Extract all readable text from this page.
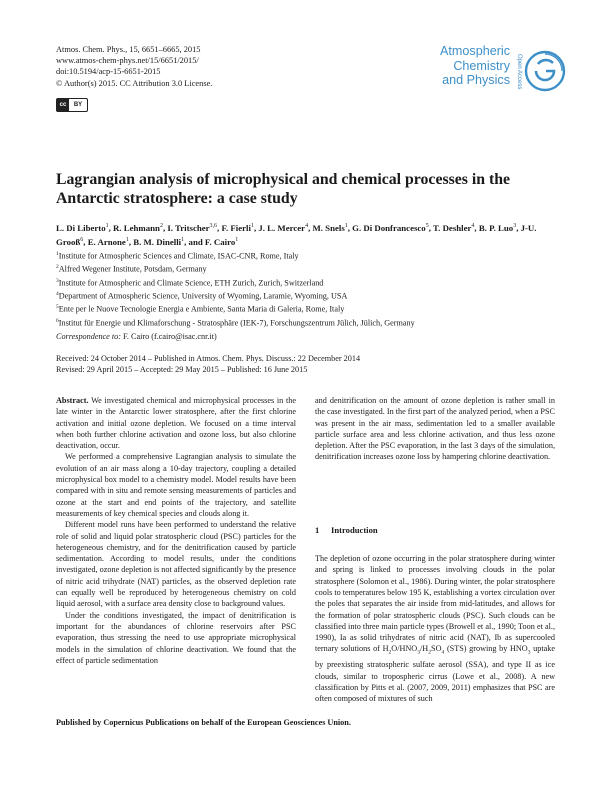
Atmos. Chem. Phys., 15, 6651–6665, 2015
www.atmos-chem-phys.net/15/6651/2015/
doi:10.5194/acp-15-6651-2015
© Author(s) 2015. CC Attribution 3.0 License.
cc	BY
Atmospheric
Chemistry
and Physics	Open Access
Lagrangian analysis of microphysical and chemical processes in the Antarctic stratosphere: a case study
L. Di Liberto$^1$, R. Lehmann$^2$, I. Tritscher$^{3,6}$, F. Fierli$^1$, J. L. Mercer$^4$, M. Snels$^1$, G. Di Donfrancesco$^5$, T. Deshler$^4$, B. P. Luo$^3$, J-U. Grooß$^6$, E. Arnone$^1$, B. M. Dinelli$^1$, and F. Cairo$^1$
$^1$Institute for Atmospheric Sciences and Climate, ISAC-CNR, Rome, Italy
$^2$Alfred Wegener Institute, Potsdam, Germany
$^3$Institute for Atmospheric and Climate Science, ETH Zurich, Zurich, Switzerland
$^4$Department of Atmospheric Science, University of Wyoming, Laramie, Wyoming, USA
$^5$Ente per le Nuove Tecnologie Energia e Ambiente, Santa Maria di Galeria, Rome, Italy
$^6$Institut für Energie und Klimaforschung - Stratosphäre (IEK-7), Forschungszentrum Jülich, Jülich, Germany
Correspondence to: F. Cairo (f.cairo@isac.cnr.it)
Received: 24 October 2014 – Published in Atmos. Chem. Phys. Discuss.: 22 December 2014
Revised: 29 April 2015 – Accepted: 29 May 2015 – Published: 16 June 2015

Abstract. We investigated chemical and microphysical processes in the late winter in the Antarctic lower stratosphere, after the first chlorine activation and initial ozone depletion. We focused on a time interval when both further chlorine activation and ozone loss, but also chlorine deactivation, occur.

We performed a comprehensive Lagrangian analysis to simulate the evolution of an air mass along a 10-day trajectory, coupling a detailed microphysical box model to a chemistry model. Model results have been compared with in situ and remote sensing measurements of particles and ozone at the start and end points of the trajectory, and satellite measurements of key chemical species and clouds along it.

Different model runs have been performed to understand the relative role of solid and liquid polar stratospheric cloud (PSC) particles for the heterogeneous chemistry, and for the denitrification caused by particle sedimentation. According to model results, under the conditions investigated, ozone depletion is not affected significantly by the presence of nitric acid trihydrate (NAT) particles, as the observed depletion rate can equally well be reproduced by heterogeneous chemistry on cold liquid aerosol, with a surface area density close to background values.

Under the conditions investigated, the impact of denitrification is important for the abundances of chlorine reservoirs after PSC evaporation, thus stressing the need to use appropriate microphysical models in the simulation of chlorine deactivation. We found that the effect of particle sedimentation

and denitrification on the amount of ozone depletion is rather small in the case investigated. In the first part of the analyzed period, when a PSC was present in the air mass, sedimentation led to a smaller available particle surface area and less chlorine activation, and thus less ozone depletion. After the PSC evaporation, in the last 3 days of the simulation, denitrification increases ozone loss by hampering chlorine deactivation.

1 Introduction

The depletion of ozone occurring in the polar stratosphere during winter and spring is linked to processes involving clouds in the polar stratosphere (Solomon et al., 1986). During winter, the polar stratosphere cools to temperatures below 195 K, establishing a vortex circulation over the poles that separates the air inside from mid-latitudes, and allows for the formation of polar stratospheric clouds (PSC). Such clouds can be classified into three main particle types (Browell et al., 1990; Toon et al., 1990), Ia as solid trihydrates of nitric acid (NAT), Ib as supercooled ternary solutions of $H_2O/HNO_3/H_2SO_4$ (STS) growing by $HNO_3$ uptake by preexisting stratospheric sulfate aerosol (SSA), and type II as ice clouds, similar to tropospheric cirrus (Lowe et al., 2008). A new classification by Pitts et al. (2007, 2009, 2011) emphasizes that PSC are often composed of mixtures of such

Published by Copernicus Publications on behalf of the European Geosciences Union.
